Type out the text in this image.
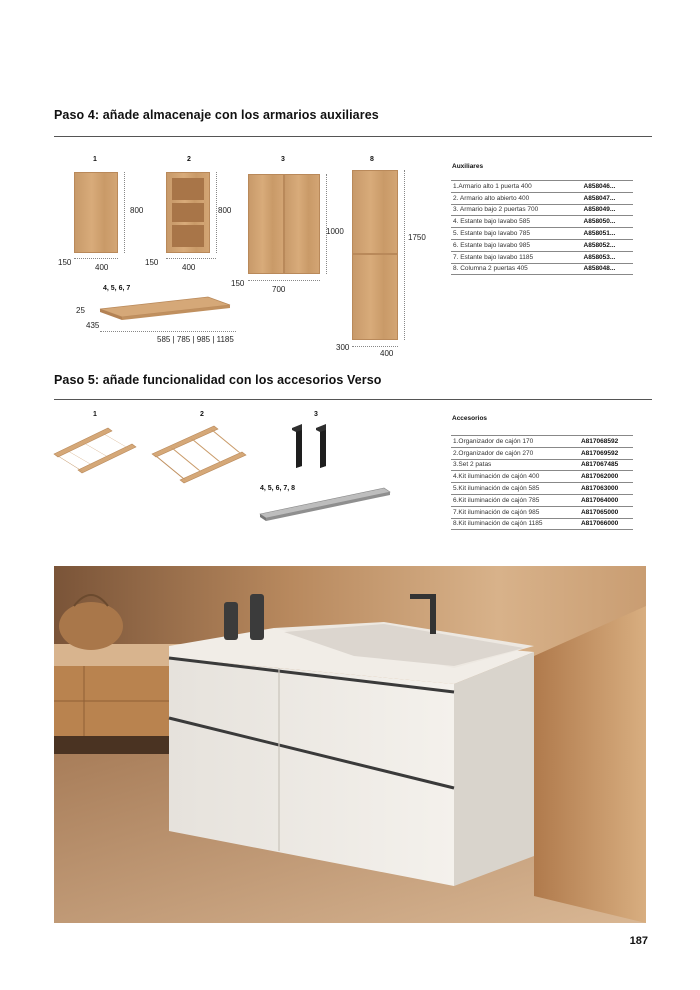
Paso 4: añade almacenaje con los armarios auxiliares
1
800
150
400
2
800
150
400
3
1000
150
700
8
1750
300
400
4, 5, 6, 7
25
435
585 | 785 | 985 | 1185
Auxiliares
1.Armario alto 1 puerta 400	A858046...
2. Armario alto abierto 400	A858047...
3. Armario bajo 2 puertas 700	A858049...
4. Estante bajo lavabo 585	A858050...
5. Estante bajo lavabo 785	A858051...
6. Estante bajo lavabo 985	A858052...
7. Estante bajo lavabo 1185	A858053...
8. Columna 2 puertas 405	A858048...
Paso 5: añade funcionalidad con los accesorios Verso
1	2	3
4, 5, 6, 7, 8
Accesorios
1.Organizador de cajón 170	A817068592
2.Organizador de cajón 270	A817069592
3.Set 2 patas	A817067485
4.Kit iluminación de cajón 400	A817062000
5.Kit iluminación de cajón 585	A817063000
6.Kit iluminación de cajón 785	A817064000
7.Kit iluminación de cajón 985	A817065000
8.Kit iluminación de cajón 1185	A817066000
187
